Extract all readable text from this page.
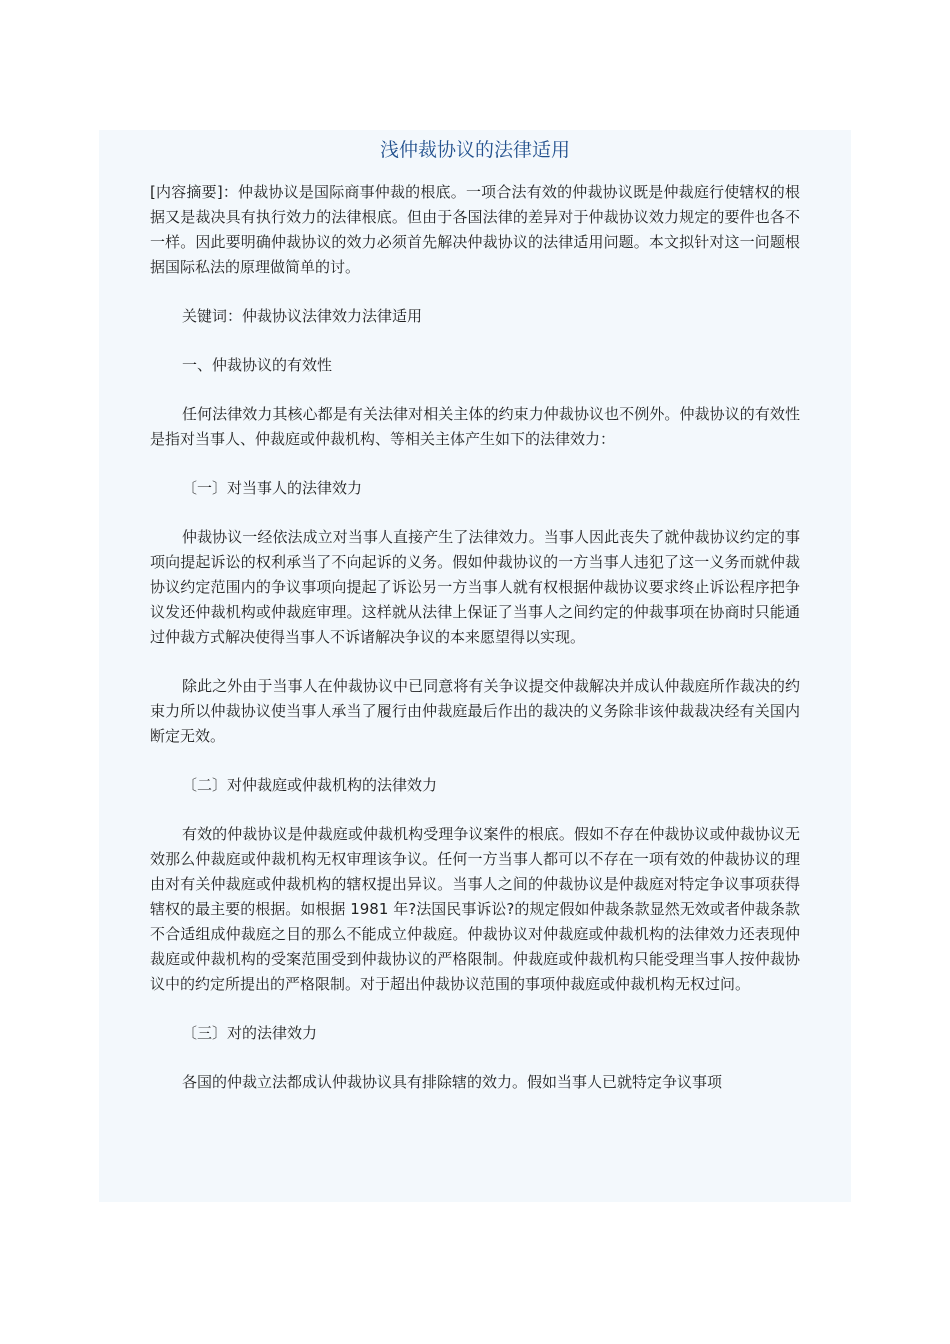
浅仲裁协议的法律适用

[内容摘要]：仲裁协议是国际商事仲裁的根底。一项合法有效的仲裁协议既是仲裁庭行使辖权的根据又是裁决具有执行效力的法律根底。但由于各国法律的差异对于仲裁协议效力规定的要件也各不一样。因此要明确仲裁协议的效力必须首先解决仲裁协议的法律适用问题。本文拟针对这一问题根据国际私法的原理做简单的讨。

关键词：仲裁协议法律效力法律适用

一、仲裁协议的有效性

任何法律效力其核心都是有关法律对相关主体的约束力仲裁协议也不例外。仲裁协议的有效性是指对当事人、仲裁庭或仲裁机构、等相关主体产生如下的法律效力：

〔一〕对当事人的法律效力

仲裁协议一经依法成立对当事人直接产生了法律效力。当事人因此丧失了就仲裁协议约定的事项向提起诉讼的权利承当了不向起诉的义务。假如仲裁协议的一方当事人违犯了这一义务而就仲裁协议约定范围内的争议事项向提起了诉讼另一方当事人就有权根据仲裁协议要求终止诉讼程序把争议发还仲裁机构或仲裁庭审理。这样就从法律上保证了当事人之间约定的仲裁事项在协商时只能通过仲裁方式解决使得当事人不诉诸解决争议的本来愿望得以实现。

除此之外由于当事人在仲裁协议中已同意将有关争议提交仲裁解决并成认仲裁庭所作裁决的约束力所以仲裁协议使当事人承当了履行由仲裁庭最后作出的裁决的义务除非该仲裁裁决经有关国内断定无效。

〔二〕对仲裁庭或仲裁机构的法律效力

有效的仲裁协议是仲裁庭或仲裁机构受理争议案件的根底。假如不存在仲裁协议或仲裁协议无效那么仲裁庭或仲裁机构无权审理该争议。任何一方当事人都可以不存在一项有效的仲裁协议的理由对有关仲裁庭或仲裁机构的辖权提出异议。当事人之间的仲裁协议是仲裁庭对特定争议事项获得辖权的最主要的根据。如根据 1981 年?法国民事诉讼?的规定假如仲裁条款显然无效或者仲裁条款不合适组成仲裁庭之目的那么不能成立仲裁庭。仲裁协议对仲裁庭或仲裁机构的法律效力还表现仲裁庭或仲裁机构的受案范围受到仲裁协议的严格限制。仲裁庭或仲裁机构只能受理当事人按仲裁协议中的约定所提出的严格限制。对于超出仲裁协议范围的事项仲裁庭或仲裁机构无权过问。

〔三〕对的法律效力

各国的仲裁立法都成认仲裁协议具有排除辖的效力。假如当事人已就特定争议事项
